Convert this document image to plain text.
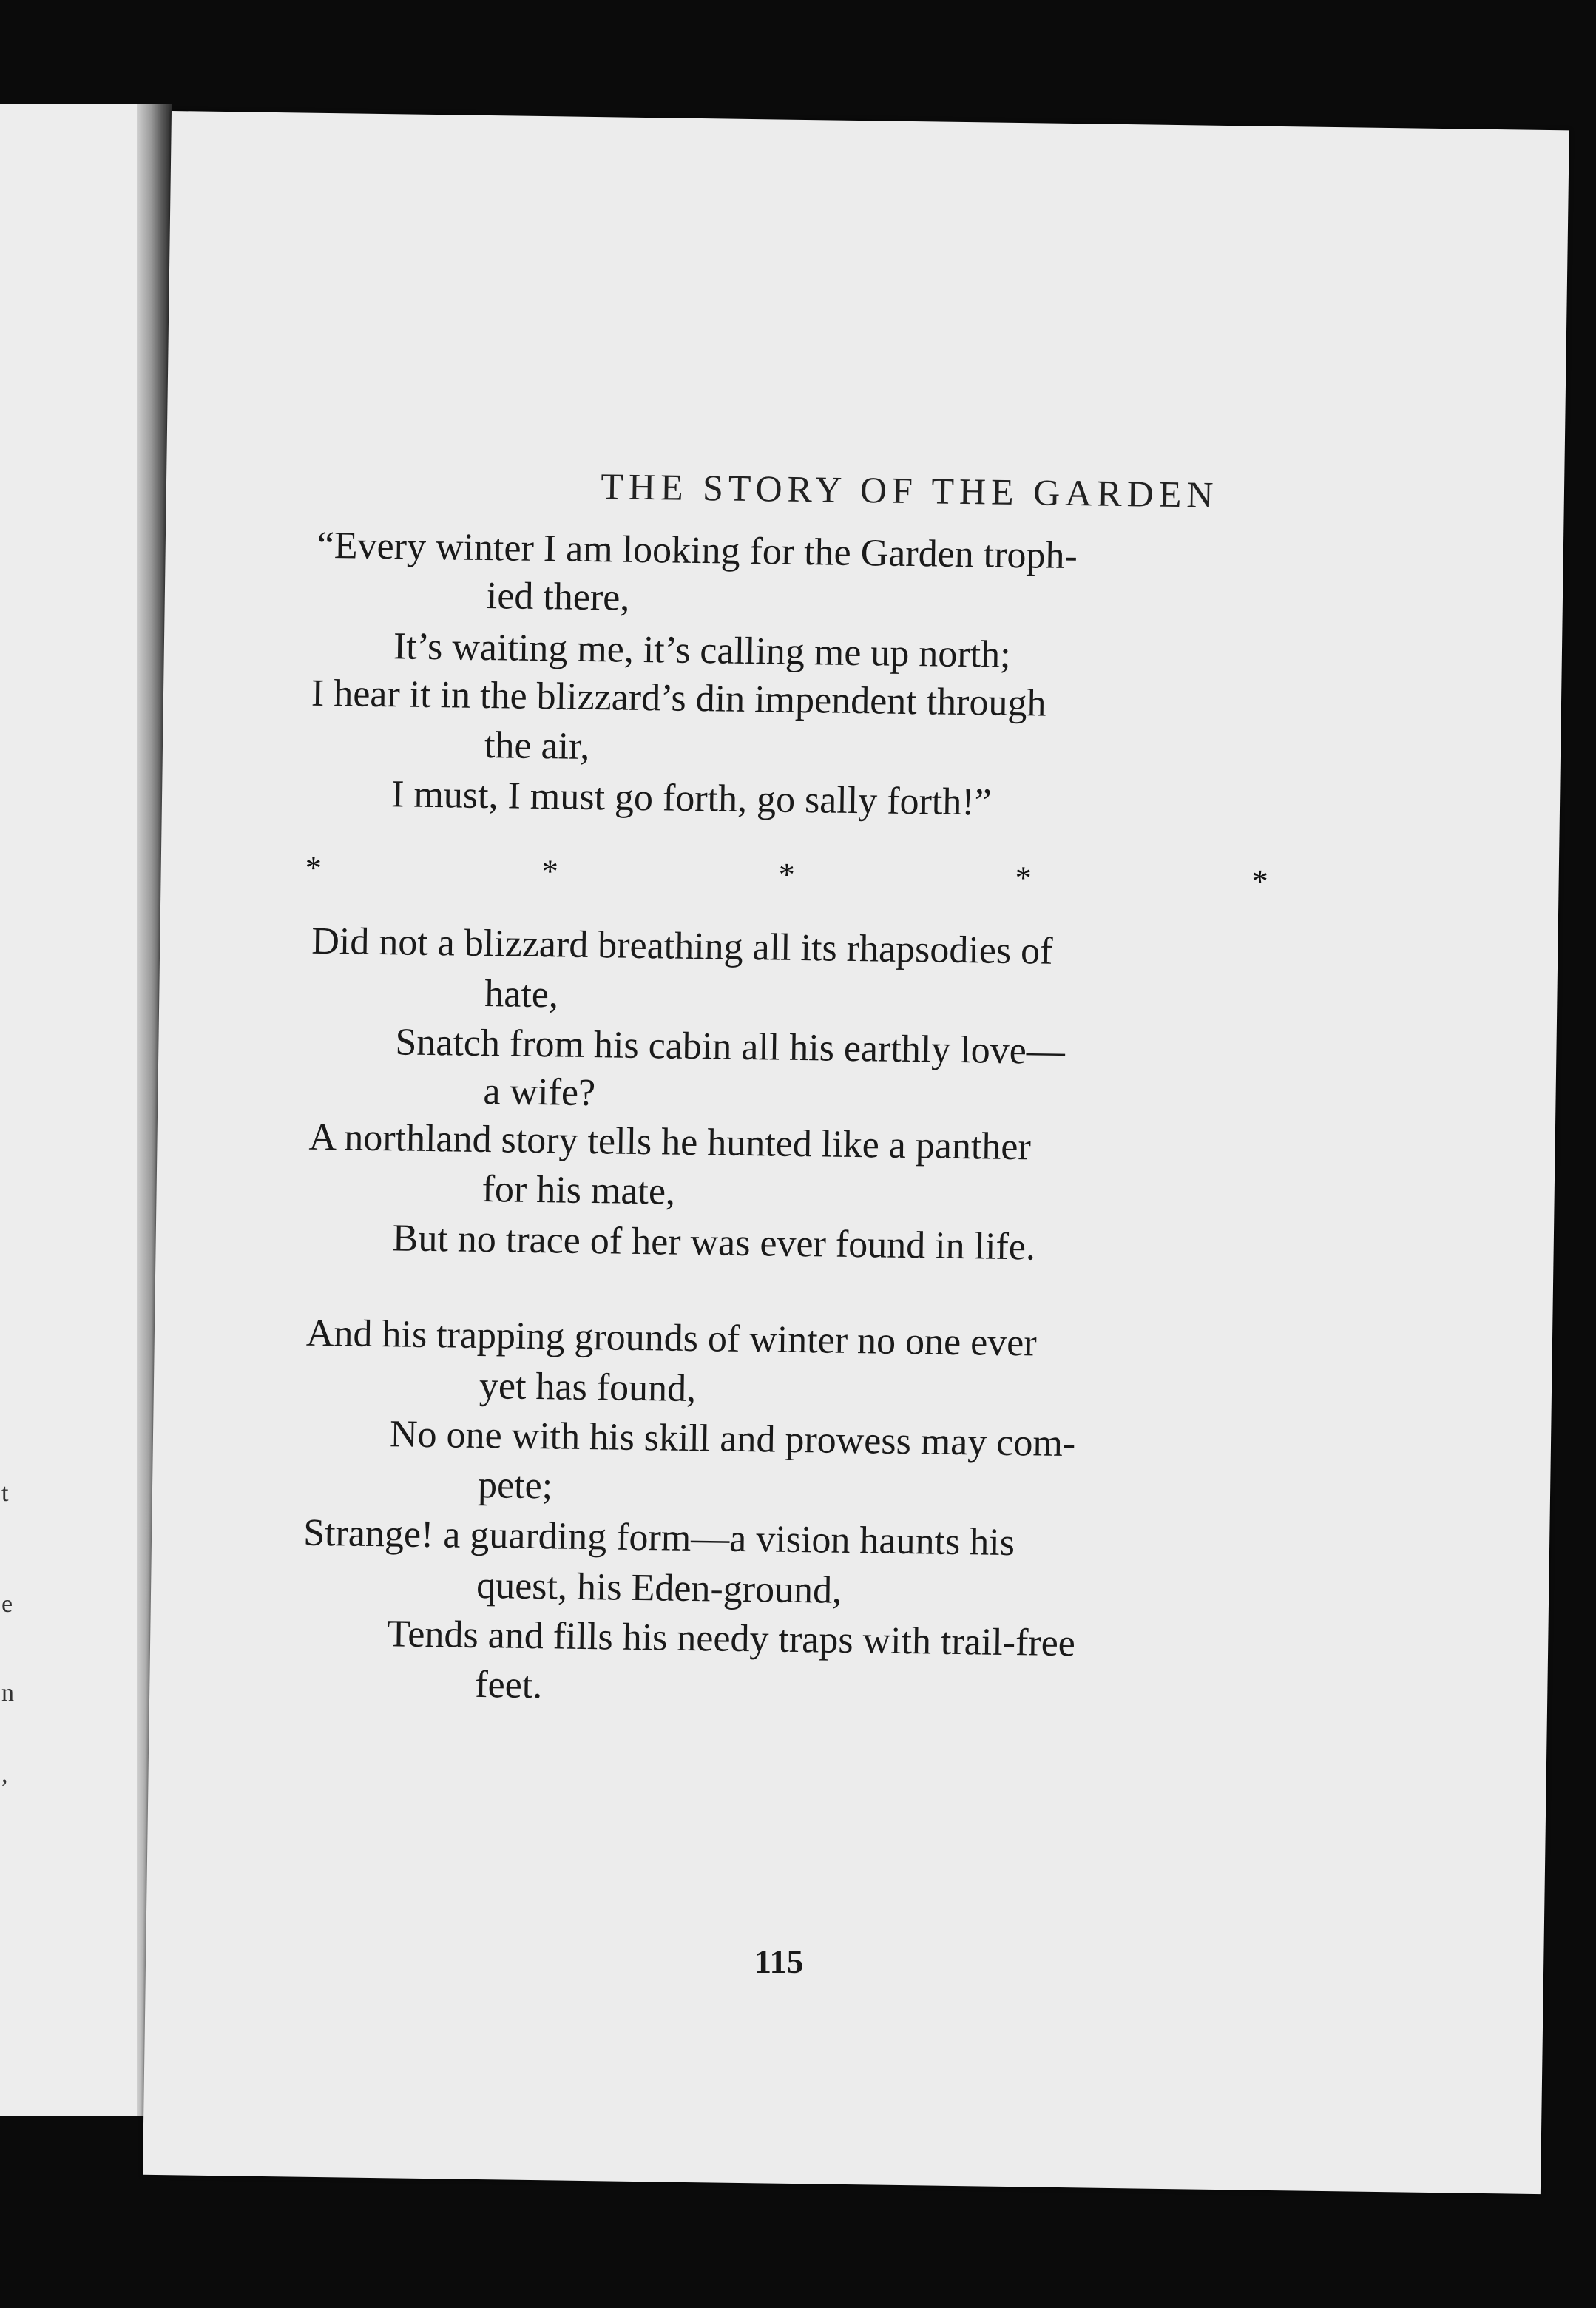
t
e
n
,
THE STORY OF THE GARDEN
“Every winter I am looking for the Garden troph-
ied there,
It’s waiting me, it’s calling me up north;
I hear it in the blizzard’s din impendent through
the air,
I must, I must go forth, go sally forth!”
*	*	*	*	*
Did not a blizzard breathing all its rhapsodies of
hate,
Snatch from his cabin all his earthly love—
a wife?
A northland story tells he hunted like a panther
for his mate,
But no trace of her was ever found in life.
And his trapping grounds of winter no one ever
yet has found,
No one with his skill and prowess may com-
pete;
Strange! a guarding form—a vision haunts his
quest, his Eden-ground,
Tends and fills his needy traps with trail-free
feet.
115
